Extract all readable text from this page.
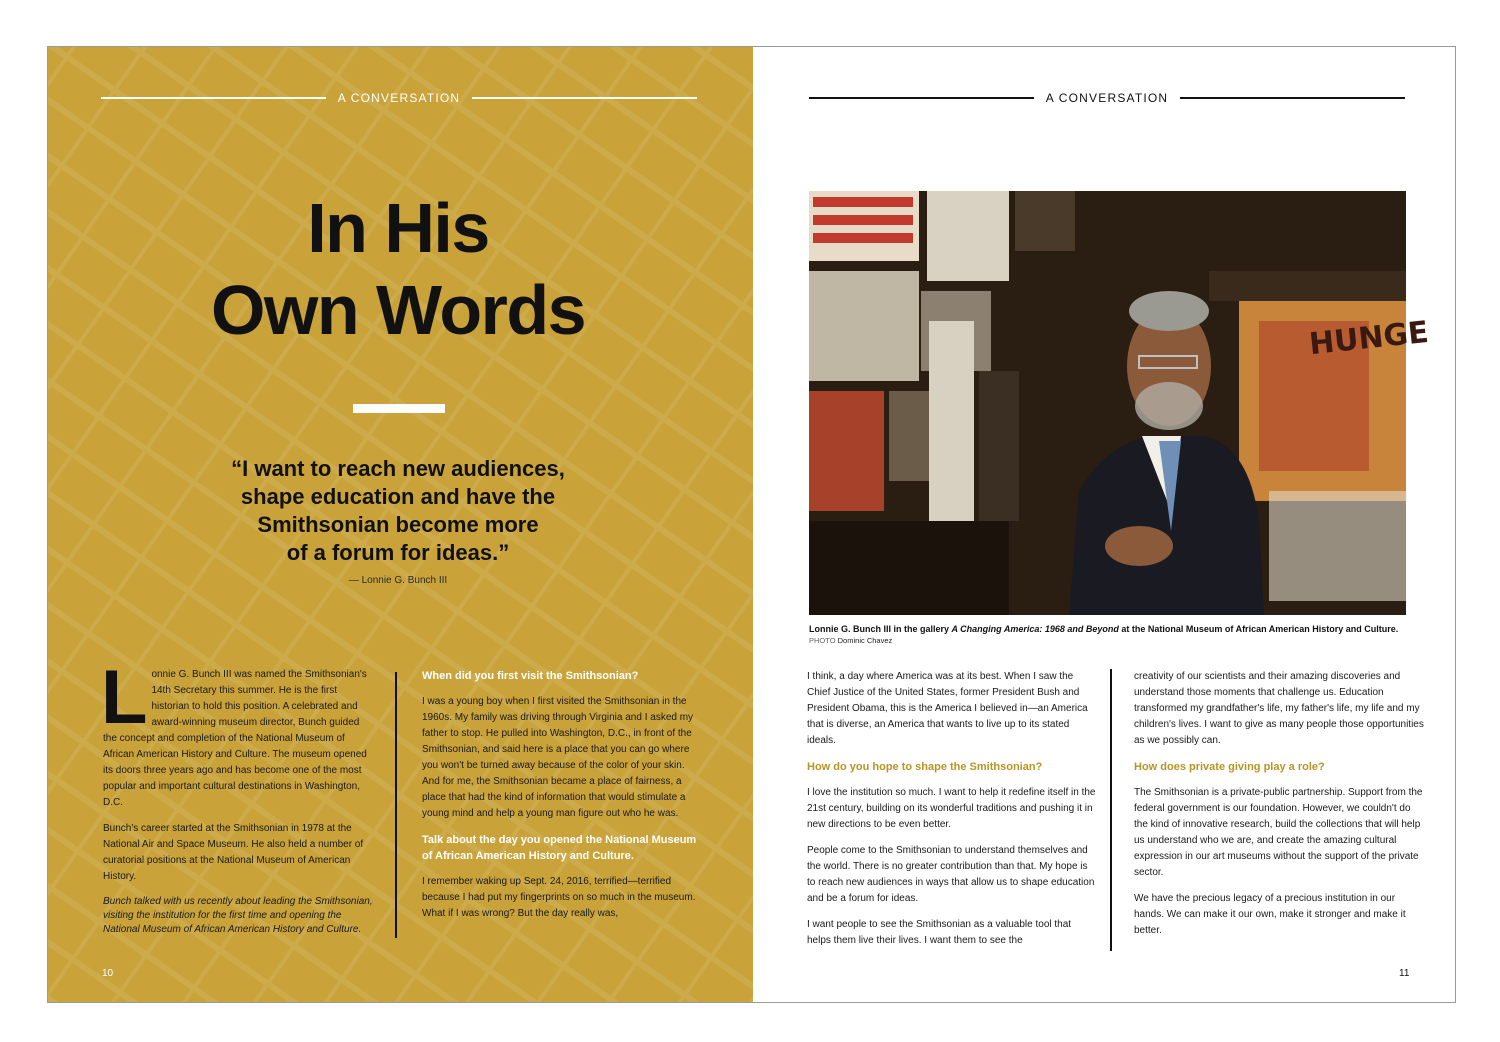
A CONVERSATION
In His
Own Words
“I want to reach new audiences,
shape education and have the
Smithsonian become more
of a forum for ideas.”
— Lonnie G. Bunch III

Lonnie G. Bunch III was named the Smithsonian's 14th Secretary this summer. He is the first historian to hold this position. A celebrated and award-winning museum director, Bunch guided the concept and completion of the National Museum of African American History and Culture. The museum opened its doors three years ago and has become one of the most popular and important cultural destinations in Washington, D.C.

Bunch's career started at the Smithsonian in 1978 at the National Air and Space Museum. He also held a number of curatorial positions at the National Museum of American History.

Bunch talked with us recently about leading the Smithsonian, visiting the institution for the first time and opening the National Museum of African American History and Culture.

When did you first visit the Smithsonian?

I was a young boy when I first visited the Smithsonian in the 1960s. My family was driving through Virginia and I asked my father to stop. He pulled into Washington, D.C., in front of the Smithsonian, and said here is a place that you can go where you won't be turned away because of the color of your skin. And for me, the Smithsonian became a place of fairness, a place that had the kind of information that would stimulate a young mind and help a young man figure out who he was.

Talk about the day you opened the National Museum of African American History and Culture.

I remember waking up Sept. 24, 2016, terrified—terrified because I had put my fingerprints on so much in the museum. What if I was wrong? But the day really was,

10
A CONVERSATION
HUNGE
Lonnie G. Bunch III in the gallery A Changing America: 1968 and Beyond at the National Museum of African American History and Culture.
PHOTO Dominic Chavez

I think, a day where America was at its best. When I saw the Chief Justice of the United States, former President Bush and President Obama, this is the America I believed in—an America that is diverse, an America that wants to live up to its stated ideals.

How do you hope to shape the Smithsonian?

I love the institution so much. I want to help it redefine itself in the 21st century, building on its wonderful traditions and pushing it in new directions to be even better.

People come to the Smithsonian to understand themselves and the world. There is no greater contribution than that. My hope is to reach new audiences in ways that allow us to shape education and be a forum for ideas.

I want people to see the Smithsonian as a valuable tool that helps them live their lives. I want them to see the

creativity of our scientists and their amazing discoveries and understand those moments that challenge us. Education transformed my grandfather's life, my father's life, my life and my children's lives. I want to give as many people those opportunities as we possibly can.

How does private giving play a role?

The Smithsonian is a private-public partnership. Support from the federal government is our foundation. However, we couldn't do the kind of innovative research, build the collections that will help us understand who we are, and create the amazing cultural expression in our art museums without the support of the private sector.

We have the precious legacy of a precious institution in our hands. We can make it our own, make it stronger and make it better.

11
